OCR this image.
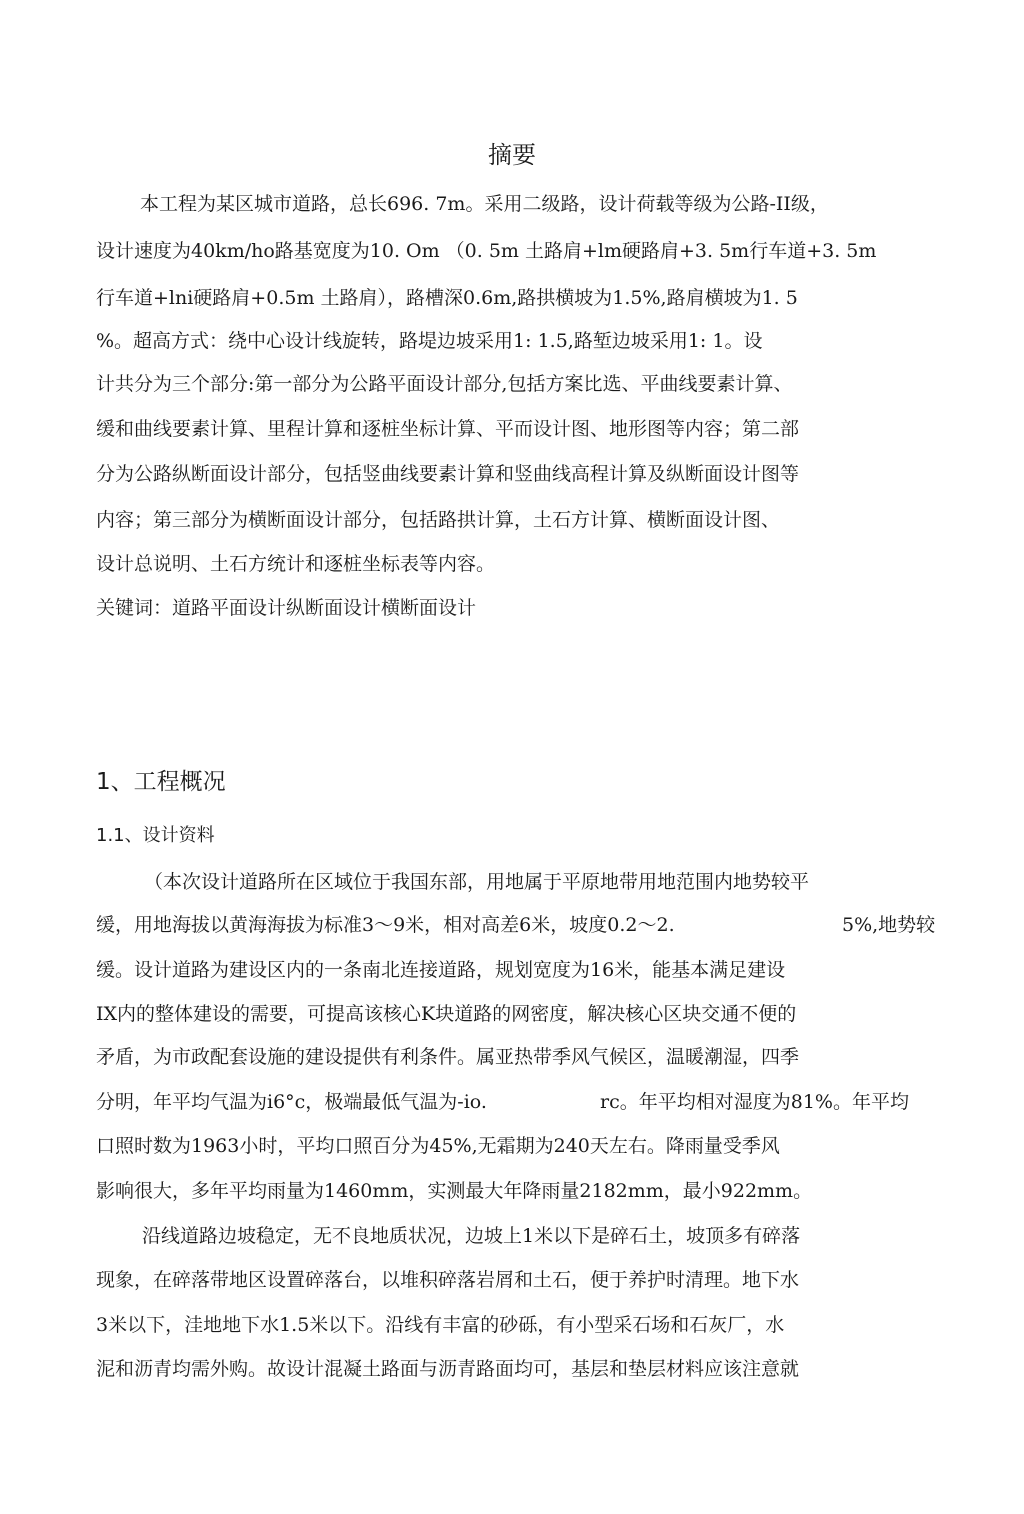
摘要
本工程为某区城市道路，总长696. 7m。采用二级路，设计荷载等级为公路-II级，
设计速度为40km/ho路基宽度为10. Om （0. 5m 土路肩+lm硬路肩+3. 5m行车道+3. 5m
行车道+lni硬路肩+0.5m 土路肩），路槽深0.6m,路拱横坡为1.5%,路肩横坡为1. 5
%。超高方式：绕中心设计线旋转，路堤边坡采用1: 1.5,路堑边坡采用1: 1。设
计共分为三个部分:第一部分为公路平面设计部分,包括方案比选、平曲线要素计算、
缓和曲线要素计算、里程计算和逐桩坐标计算、平而设计图、地形图等内容；第二部
分为公路纵断面设计部分，包括竖曲线要素计算和竖曲线高程计算及纵断面设计图等
内容；第三部分为横断面设计部分，包括路拱计算，土石方计算、横断面设计图、
设计总说明、土石方统计和逐桩坐标表等内容。
关键词：道路平面设计纵断面设计横断面设计
1、工程概况
1.1、设计资料
（本次设计道路所在区域位于我国东部，用地属于平原地带用地范围内地势较平
缓，用地海拔以黄海海拔为标准3～9米，相对高差6米，坡度0.2～2.	5%,地势较
缓。设计道路为建设区内的一条南北连接道路，规划宽度为16米，能基本满足建设
IX内的整体建设的需要，可提高该核心K块道路的网密度，解决核心区块交通不便的
矛盾，为市政配套设施的建设提供有利条件。属亚热带季风气候区，温暖潮湿，四季
分明，年平均气温为i6°c，极端最低气温为-io.	rc。年平均相对湿度为81%。年平均
口照时数为1963小时，平均口照百分为45%,无霜期为240天左右。降雨量受季风
影响很大，多年平均雨量为1460mm，实测最大年降雨量2182mm，最小922mm。
沿线道路边坡稳定，无不良地质状况，边坡上1米以下是碎石土，坡顶多有碎落
现象，在碎落带地区设置碎落台，以堆积碎落岩屑和土石，便于养护时清理。地下水
3米以下，洼地地下水1.5米以下。沿线有丰富的砂砾，有小型采石场和石灰厂，水
泥和沥青均需外购。故设计混凝土路面与沥青路面均可，基层和垫层材料应该注意就
